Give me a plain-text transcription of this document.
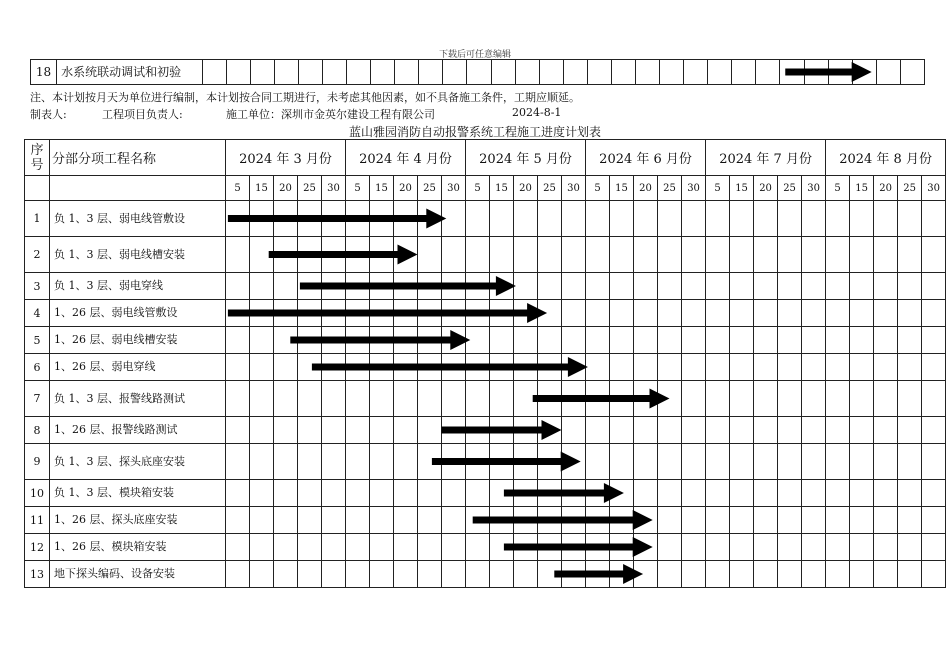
下载后可任意编辑
18	水系统联动调试和初验																														
注、本计划按月天为单位进行编制，本计划按合同工期进行，未考虑其他因素，如不具备施工条件，工期应顺延。
制表人:	工程项目负责人:	施工单位：深圳市金英尔建设工程有限公司	2024-8-1
蓝山雅园消防自动报警系统工程施工进度计划表
序号	分部分项工程名称	2024 年 3 月份					2024 年 4 月份					2024 年 5 月份					2024 年 6 月份					2024 年 7 月份					2024 年 8 月份				
		5	15	20	25	30	5	15	20	25	30	5	15	20	25	30	5	15	20	25	30	5	15	20	25	30	5	15	20	25	30
1	负 1、3 层、弱电线管敷设																														
2	负 1、3 层、弱电线槽安装																														
3	负 1、3 层、弱电穿线																														
4	1、26 层、弱电线管敷设																														
5	1、26 层、弱电线槽安装																														
6	1、26 层、弱电穿线																														
7	负 1、3 层、报警线路测试																														
8	1、26 层、报警线路测试																														
9	负 1、3 层、探头底座安装																														
10	负 1、3 层、模块箱安装																														
11	1、26 层、探头底座安装																														
12	1、26 层、模块箱安装																														
13	地下探头编码、设备安装																														
